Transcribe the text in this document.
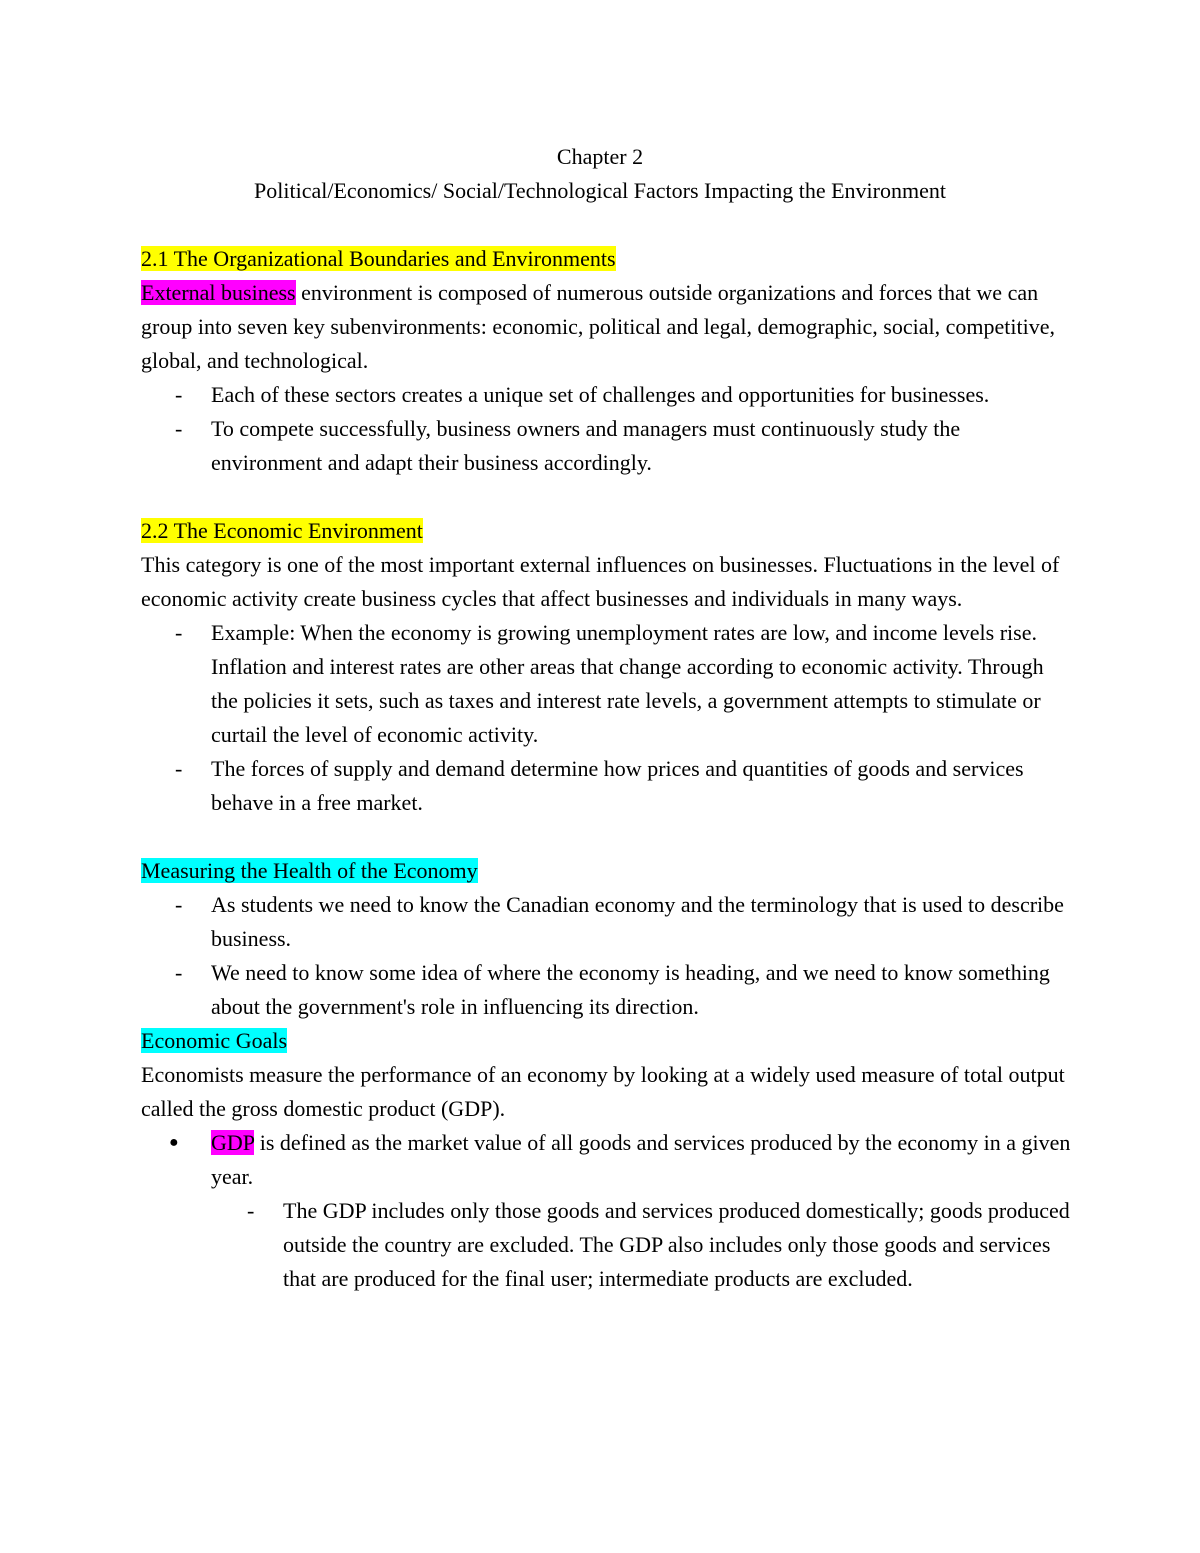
Chapter 2

Political/Economics/ Social/Technological Factors Impacting the Environment

2.1 The Organizational Boundaries and Environments

External business environment is composed of numerous outside organizations and forces that we can group into seven key subenvironments: economic, political and legal, demographic, social, competitive, global, and technological.

- Each of these sectors creates a unique set of challenges and opportunities for businesses.
- To compete successfully, business owners and managers must continuously study the environment and adapt their business accordingly.

2.2 The Economic Environment

This category is one of the most important external influences on businesses. Fluctuations in the level of economic activity create business cycles that affect businesses and individuals in many ways.

- Example: When the economy is growing unemployment rates are low, and income levels rise. Inflation and interest rates are other areas that change according to economic activity. Through the policies it sets, such as taxes and interest rate levels, a government attempts to stimulate or curtail the level of economic activity.
- The forces of supply and demand determine how prices and quantities of goods and services behave in a free market.

Measuring the Health of the Economy

- As students we need to know the Canadian economy and the terminology that is used to describe business.
- We need to know some idea of where the economy is heading, and we need to know something about the government's role in influencing its direction.

Economic Goals

Economists measure the performance of an economy by looking at a widely used measure of total output called the gross domestic product (GDP).

● GDP is defined as the market value of all goods and services produced by the economy in a given year.
- The GDP includes only those goods and services produced domestically; goods produced outside the country are excluded. The GDP also includes only those goods and services that are produced for the final user; intermediate products are excluded.
